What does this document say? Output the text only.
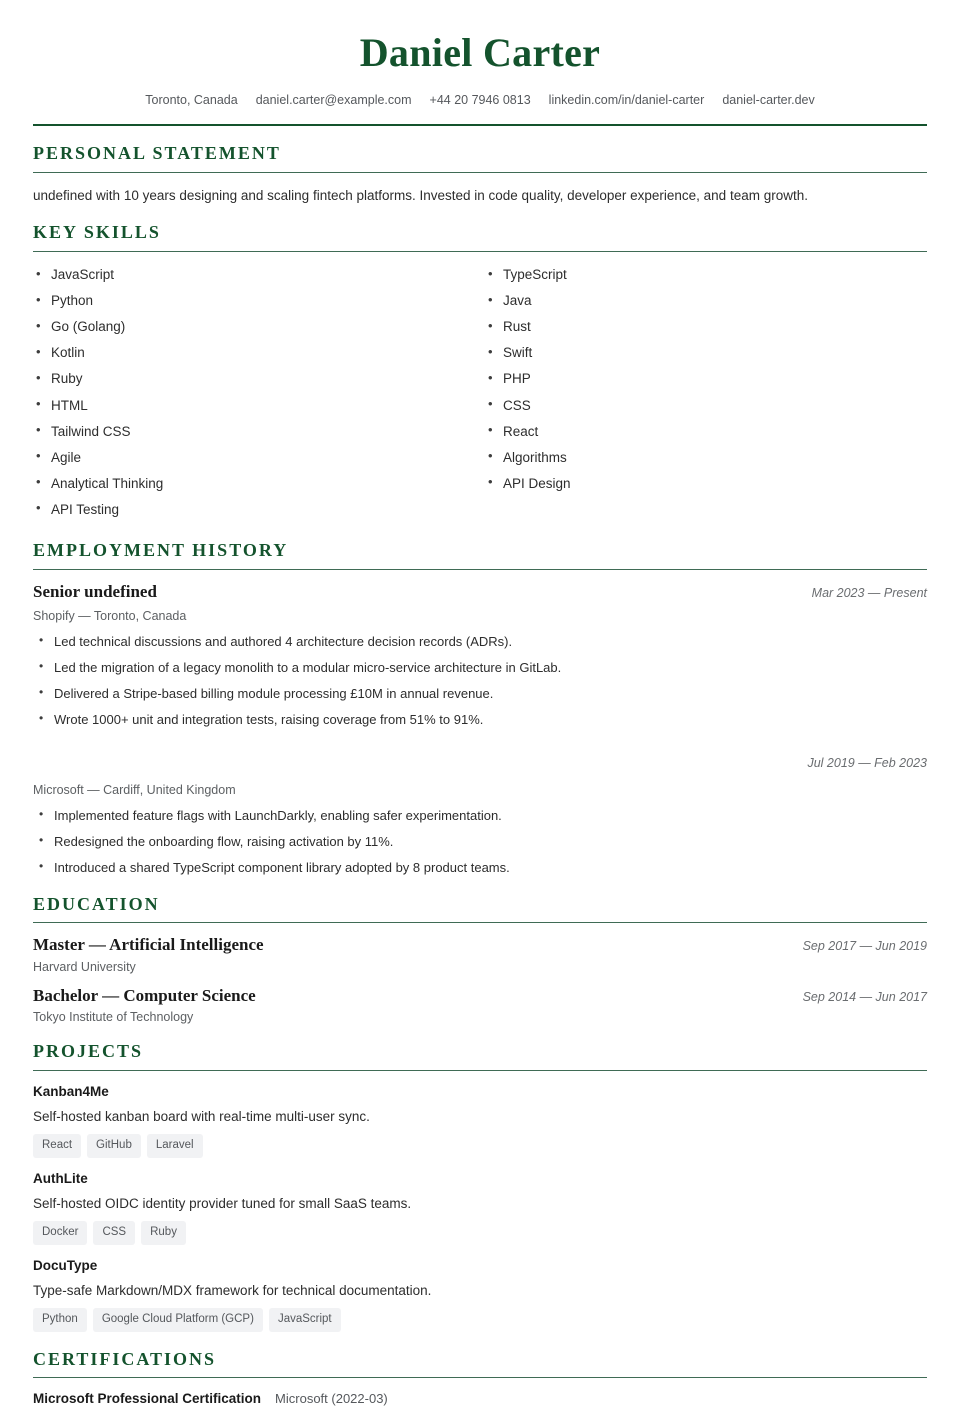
Daniel Carter
Toronto, Canada daniel.carter@example.com +44 20 7946 0813 linkedin.com/in/daniel-carter daniel-carter.dev
PERSONAL STATEMENT

undefined with 10 years designing and scaling fintech platforms. Invested in code quality, developer experience, and team growth.

KEY SKILLS
• JavaScript
• Python
• Go (Golang)
• Kotlin
• Ruby
• HTML
• Tailwind CSS
• Agile
• Analytical Thinking
• API Testing
• TypeScript
• Java
• Rust
• Swift
• PHP
• CSS
• React
• Algorithms
• API Design
EMPLOYMENT HISTORY
Senior undefined	Mar 2023 — Present
Shopify — Toronto, Canada
• Led technical discussions and authored 4 architecture decision records (ADRs).
• Led the migration of a legacy monolith to a modular micro-service architecture in GitLab.
• Delivered a Stripe-based billing module processing £10M in annual revenue.
• Wrote 1000+ unit and integration tests, raising coverage from 51% to 91%.
Jul 2019 — Feb 2023
Microsoft — Cardiff, United Kingdom
• Implemented feature flags with LaunchDarkly, enabling safer experimentation.
• Redesigned the onboarding flow, raising activation by 11%.
• Introduced a shared TypeScript component library adopted by 8 product teams.
EDUCATION
Master — Artificial Intelligence	Sep 2017 — Jun 2019
Harvard University
Bachelor — Computer Science	Sep 2014 — Jun 2017
Tokyo Institute of Technology
PROJECTS
Kanban4Me
Self-hosted kanban board with real-time multi-user sync.
React	GitHub	Laravel
AuthLite
Self-hosted OIDC identity provider tuned for small SaaS teams.
Docker	CSS	Ruby
DocuType
Type-safe Markdown/MDX framework for technical documentation.
Python	Google Cloud Platform (GCP)	JavaScript
CERTIFICATIONS
Microsoft Professional Certification Microsoft (2022-03)
